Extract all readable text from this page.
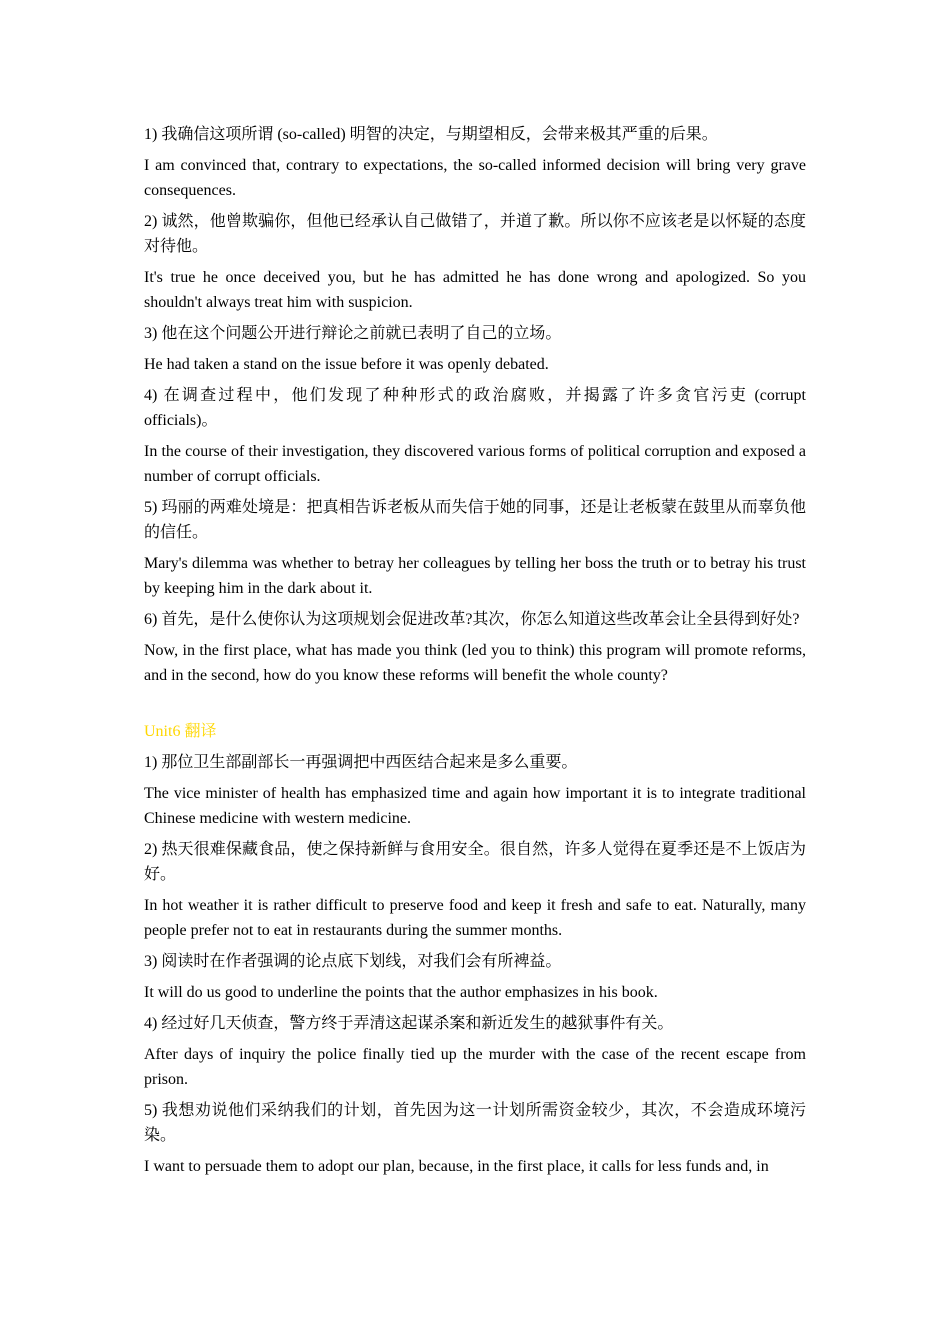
1) 我确信这项所谓 (so-called) 明智的决定，与期望相反，会带来极其严重的后果。

I am convinced that, contrary to expectations, the so-called informed decision will bring very grave consequences.

2) 诚然，他曾欺骗你，但他已经承认自己做错了，并道了歉。所以你不应该老是以怀疑的态度对待他。

It's true he once deceived you, but he has admitted he has done wrong and apologized. So you shouldn't always treat him with suspicion.

3) 他在这个问题公开进行辩论之前就已表明了自己的立场。

He had taken a stand on the issue before it was openly debated.

4) 在调查过程中，他们发现了种种形式的政治腐败，并揭露了许多贪官污吏 (corrupt officials)。

In the course of their investigation, they discovered various forms of political corruption and exposed a number of corrupt officials.

5) 玛丽的两难处境是：把真相告诉老板从而失信于她的同事，还是让老板蒙在鼓里从而辜负他的信任。

Mary's dilemma was whether to betray her colleagues by telling her boss the truth or to betray his trust by keeping him in the dark about it.

6) 首先，是什么使你认为这项规划会促进改革?其次，你怎么知道这些改革会让全县得到好处?

Now, in the first place, what has made you think (led you to think) this program will promote reforms, and in the second, how do you know these reforms will benefit the whole county?

Unit6 翻译

1) 那位卫生部副部长一再强调把中西医结合起来是多么重要。

The vice minister of health has emphasized time and again how important it is to integrate traditional Chinese medicine with western medicine.

2) 热天很难保藏食品，使之保持新鲜与食用安全。很自然，许多人觉得在夏季还是不上饭店为好。

In hot weather it is rather difficult to preserve food and keep it fresh and safe to eat. Naturally, many people prefer not to eat in restaurants during the summer months.

3) 阅读时在作者强调的论点底下划线，对我们会有所裨益。

It will do us good to underline the points that the author emphasizes in his book.

4) 经过好几天侦查，警方终于弄清这起谋杀案和新近发生的越狱事件有关。

After days of inquiry the police finally tied up the murder with the case of the recent escape from prison.

5) 我想劝说他们采纳我们的计划，首先因为这一计划所需资金较少，其次，不会造成环境污染。

I want to persuade them to adopt our plan, because, in the first place, it calls for less funds and, in
